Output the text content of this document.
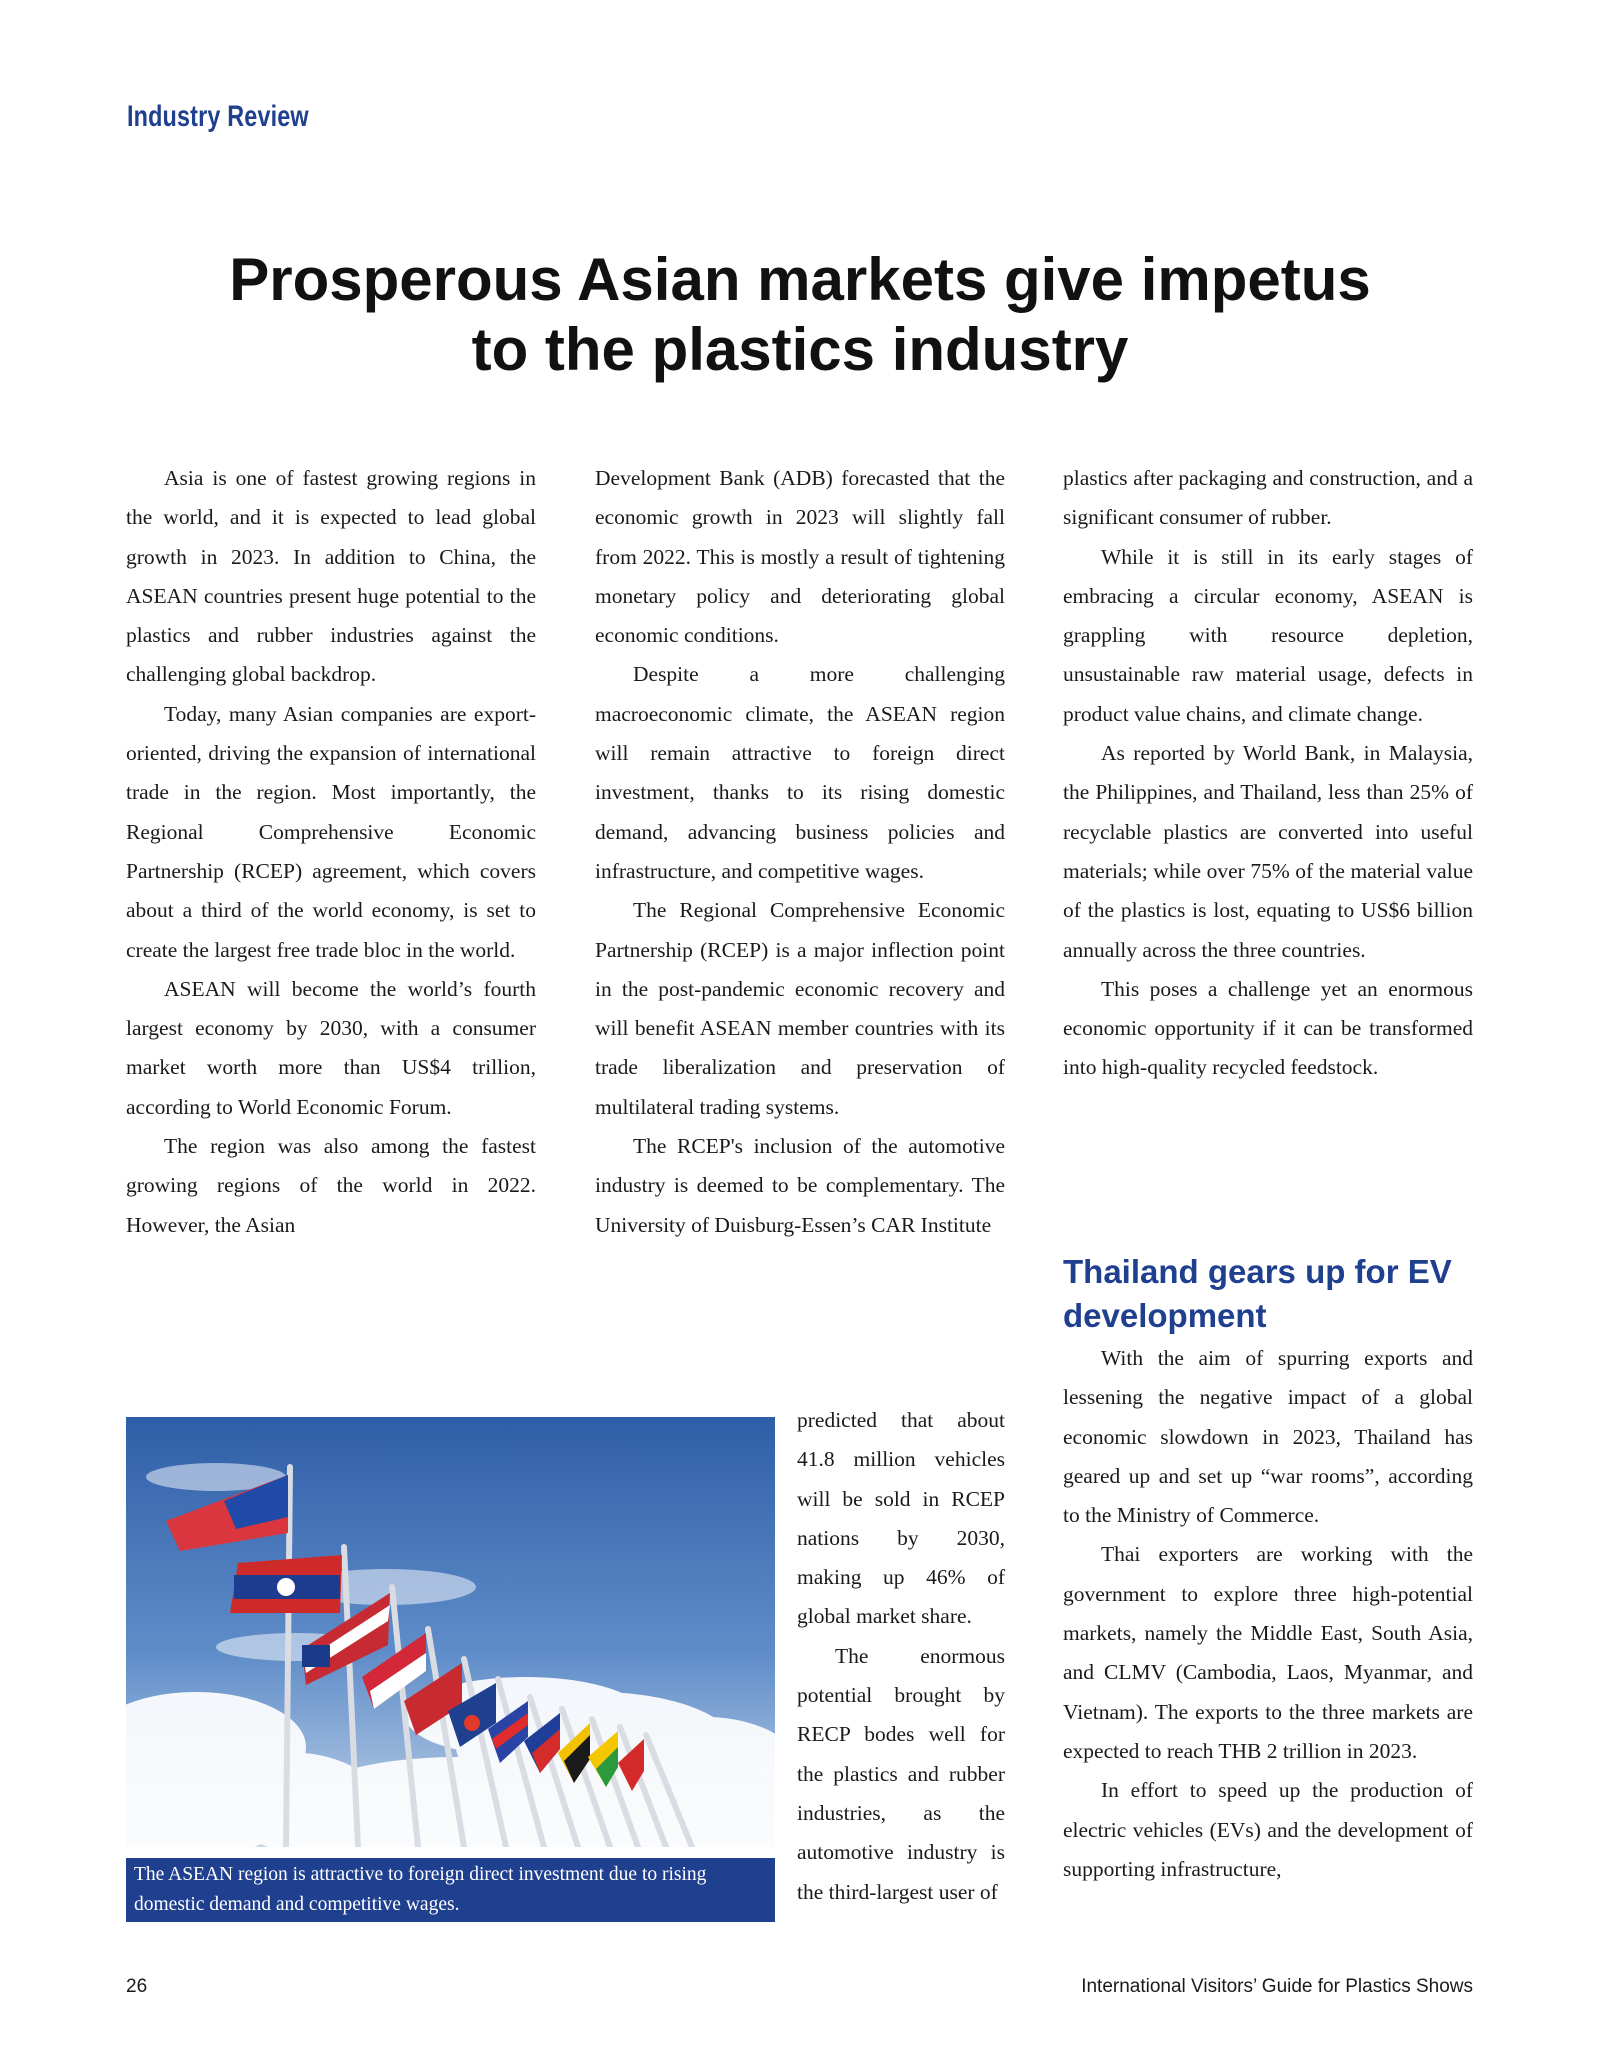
Industry Review
Prosperous Asian markets give impetus to the plastics industry

Asia is one of fastest growing regions in the world, and it is expected to lead global growth in 2023. In addition to China, the ASEAN countries present huge potential to the plastics and rubber industries against the challenging global backdrop.

Today, many Asian companies are export-oriented, driving the expansion of international trade in the region. Most importantly, the Regional Comprehensive Economic Partnership (RCEP) agreement, which covers about a third of the world economy, is set to create the largest free trade bloc in the world.

ASEAN will become the world’s fourth largest economy by 2030, with a consumer market worth more than US$4 trillion, according to World Economic Forum.

The region was also among the fastest growing regions of the world in 2022. However, the Asian

Development Bank (ADB) forecasted that the economic growth in 2023 will slightly fall from 2022. This is mostly a result of tightening monetary policy and deteriorating global economic conditions.

Despite a more challenging macroeconomic climate, the ASEAN region will remain attractive to foreign direct investment, thanks to its rising domestic demand, advancing business policies and infrastructure, and competitive wages.

The Regional Comprehensive Economic Partnership (RCEP) is a major inflection point in the post-pandemic economic recovery and will benefit ASEAN member countries with its trade liberalization and preservation of multilateral trading systems.

The RCEP's inclusion of the automotive industry is deemed to be complementary. The University of Duisburg-Essen’s CAR Institute

predicted that about 41.8 million vehicles will be sold in RCEP nations by 2030, making up 46% of global market share.

The enormous potential brought by RECP bodes well for the plastics and rubber industries, as the automotive industry is the third-largest user of

plastics after packaging and construction, and a significant consumer of rubber.

While it is still in its early stages of embracing a circular economy, ASEAN is grappling with resource depletion, unsustainable raw material usage, defects in product value chains, and climate change.

As reported by World Bank, in Malaysia, the Philippines, and Thailand, less than 25% of recyclable plastics are converted into useful materials; while over 75% of the material value of the plastics is lost, equating to US$6 billion annually across the three countries.

This poses a challenge yet an enormous economic opportunity if it can be transformed into high-quality recycled feedstock.

Thailand gears up for EV development

With the aim of spurring exports and lessening the negative impact of a global economic slowdown in 2023, Thailand has geared up and set up “war rooms”, according to the Ministry of Commerce.

Thai exporters are working with the government to explore three high-potential markets, namely the Middle East, South Asia, and CLMV (Cambodia, Laos, Myanmar, and Vietnam). The exports to the three markets are expected to reach THB 2 trillion in 2023.

In effort to speed up the production of electric vehicles (EVs) and the development of supporting infrastructure,

The ASEAN region is attractive to foreign direct investment due to rising domestic demand and competitive wages.
26	International Visitors’ Guide for Plastics Shows
